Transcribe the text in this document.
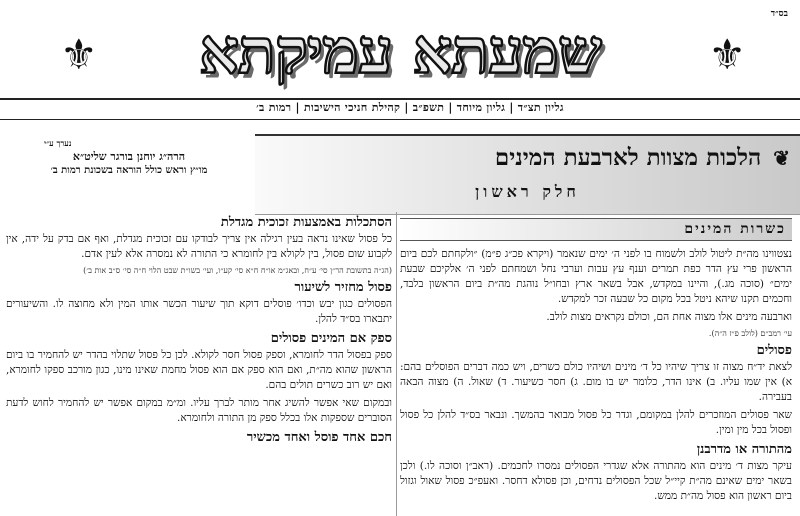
בס״ד
⚜	שמעתא עמיקתא	⚜
גליון תצ״ד | גליון מיוחד | תשפ״ב | קהילת חניכי הישיבות | רמות ב׳
❦ הלכות מצוות לארבעת המינים
חלק ראשון
נערך ע״י
הרה״ג יוחנן בורגר שליט״א
מו״ץ וראש כולל הוראה בשכונת רמות ב׳
כשרות המינים

נצטווינו מה״ת ליטול לולב ולשמוח בו לפני ה׳ ימים שנאמר (ויקרא פכ״ג פ״מ) ״ולקחתם לכם ביום הראשון פרי עץ הדר כפת תמרים וענף עץ עבות וערבי נחל ושמחתם לפני ה׳ אלקיכם שבעת ימים״ (סוכה מג.), והיינו במקדש, אבל בשאר ארץ ובחו״ל נוהגת מה״ת ביום הראשון בלבד, וחכמים תקנו שיהא ניטל בכל מקום כל שבעה זכר למקדש.

וארבעה מינים אלו מצוה אחת הם, וכולם נקראים מצות לולב.

עי׳ רמב״ם (לולב פ״ז ה״ה).

פסולים

לצאת יד״ח מצוה זו צריך שיהיו כל ד׳ מינים ושיהיו כולם כשרים, ויש כמה דברים הפוסלים בהם: א) אין שמו עליו. ב) אינו הדר, כלומר יש בו מום. ג) חסר כשיעור. ד) שאול. ה) מצוה הבאה בעבירה.

שאר פסולים המוזכרים להלן במקומם, וגדר כל פסול מבואר בהמשך. ונבאר בס״ד להלן כל פסול ופסול בכל מין ומין.

מהתורה או מדרבנן

עיקר מצות ד׳ מינים הוא מהתורה אלא שגדרי הפסולים נמסרו לחכמים. (ראב״ן וסוכה לו.) ולכן בשאר ימים שאינם מה״ת קיי״ל שכל הפסולים נדחים, וכן פסולא דחסר. ואעפ״כ פסול שאול וגזול ביום ראשון הוא פסול מה״ת ממש.

הסתכלות באמצעות זכוכית מגדלת

כל פסול שאינו נראה בעין רגילה אין צריך לבודקו עם זכוכית מגדלת, ואף אם בדק על ידה, אין לקבוע שום פסול, בין לקולא בין לחומרא כי התורה לא נמסרה אלא לעין אדם.

(הג״ה בתשובת הר״ן סי׳ ע״ח, ובאג״מ או״ח ח״א סי׳ קע״ו, ועי׳ בשו״ת שבט הלוי ח״ה סי׳ ס״ב אות ב׳)

פסול מחזיר לשיעור

הפסולים כגון יבש וכדו׳ פוסלים דוקא תוך שיעור הכשר אותו המין ולא מחוצה לו. והשיעורים יתבארו בס״ד להלן.

ספק אם המינים פסולים

ספק בפסול הדר לחומרא, וספק פסול חסר לקולא. לכן כל פסול שתלוי בהדר יש להחמיר בו ביום הראשון שהוא מה״ת, ואם הוא ספק אם הוא פסול מחמת שאינו מינו, כגון מורכב ספקו לחומרא, ואם יש רוב כשרים תולים בהם.

ובמקום שאי אפשר להשיג אחר מותר לברך עליו. ומ״מ במקום אפשר יש להחמיר לחוש לדעת הסוברים שספקות אלו בכלל ספק מן התורה ולחומרא.

חכם אחד פוסל ואחד מכשיר
